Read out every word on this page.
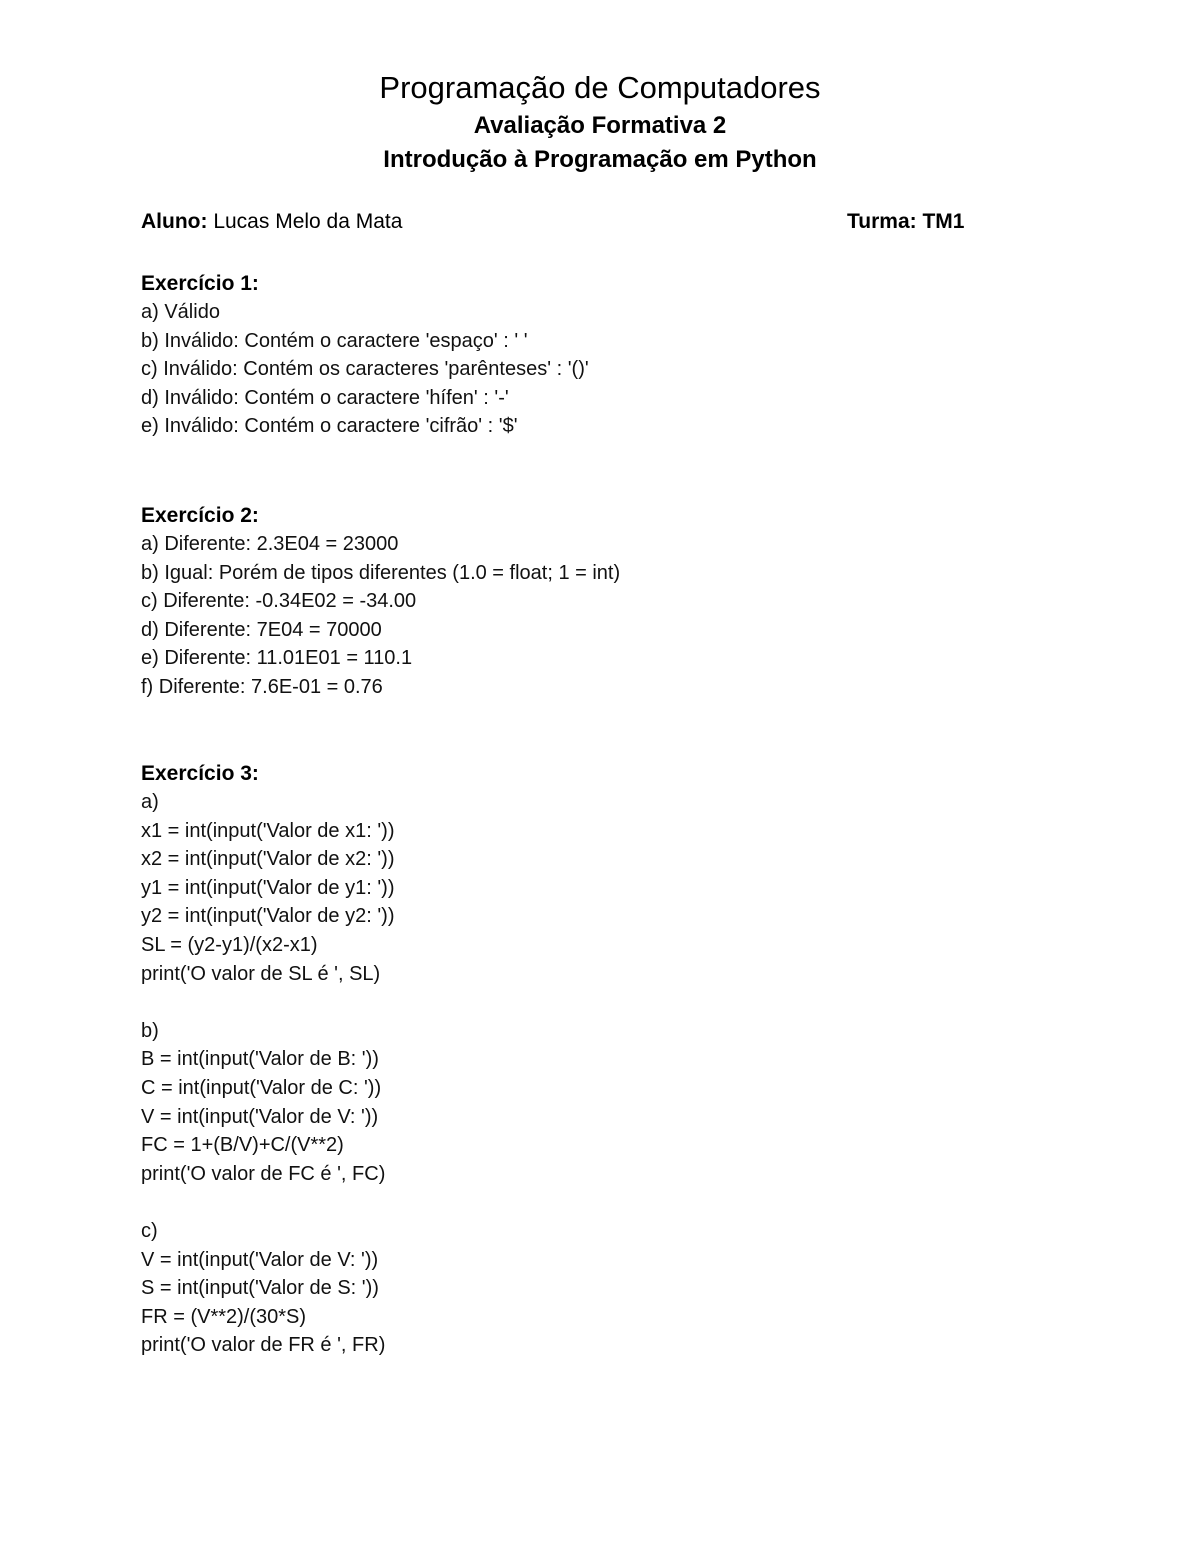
Programação de Computadores
Avaliação Formativa 2
Introdução à Programação em Python
Aluno: Lucas Melo da Mata	Turma: TM1
Exercício 1:
a) Válido
b) Inválido: Contém o caractere 'espaço' : ' '
c) Inválido: Contém os caracteres 'parênteses' : '()'
d) Inválido: Contém o caractere 'hífen' : '-'
e) Inválido: Contém o caractere 'cifrão' : '$'
Exercício 2:
a) Diferente: 2.3E04 = 23000
b) Igual: Porém de tipos diferentes (1.0 = float; 1 = int)
c) Diferente: -0.34E02 = -34.00
d) Diferente: 7E04 = 70000
e) Diferente: 11.01E01 = 110.1
f) Diferente: 7.6E-01 = 0.76
Exercício 3:
a)
x1 = int(input('Valor de x1: '))
x2 = int(input('Valor de x2: '))
y1 = int(input('Valor de y1: '))
y2 = int(input('Valor de y2: '))
SL = (y2-y1)/(x2-x1)
print('O valor de SL é ', SL)
b)
B = int(input('Valor de B: '))
C = int(input('Valor de C: '))
V = int(input('Valor de V: '))
FC = 1+(B/V)+C/(V**2)
print('O valor de FC é ', FC)
c)
V = int(input('Valor de V: '))
S = int(input('Valor de S: '))
FR = (V**2)/(30*S)
print('O valor de FR é ', FR)
